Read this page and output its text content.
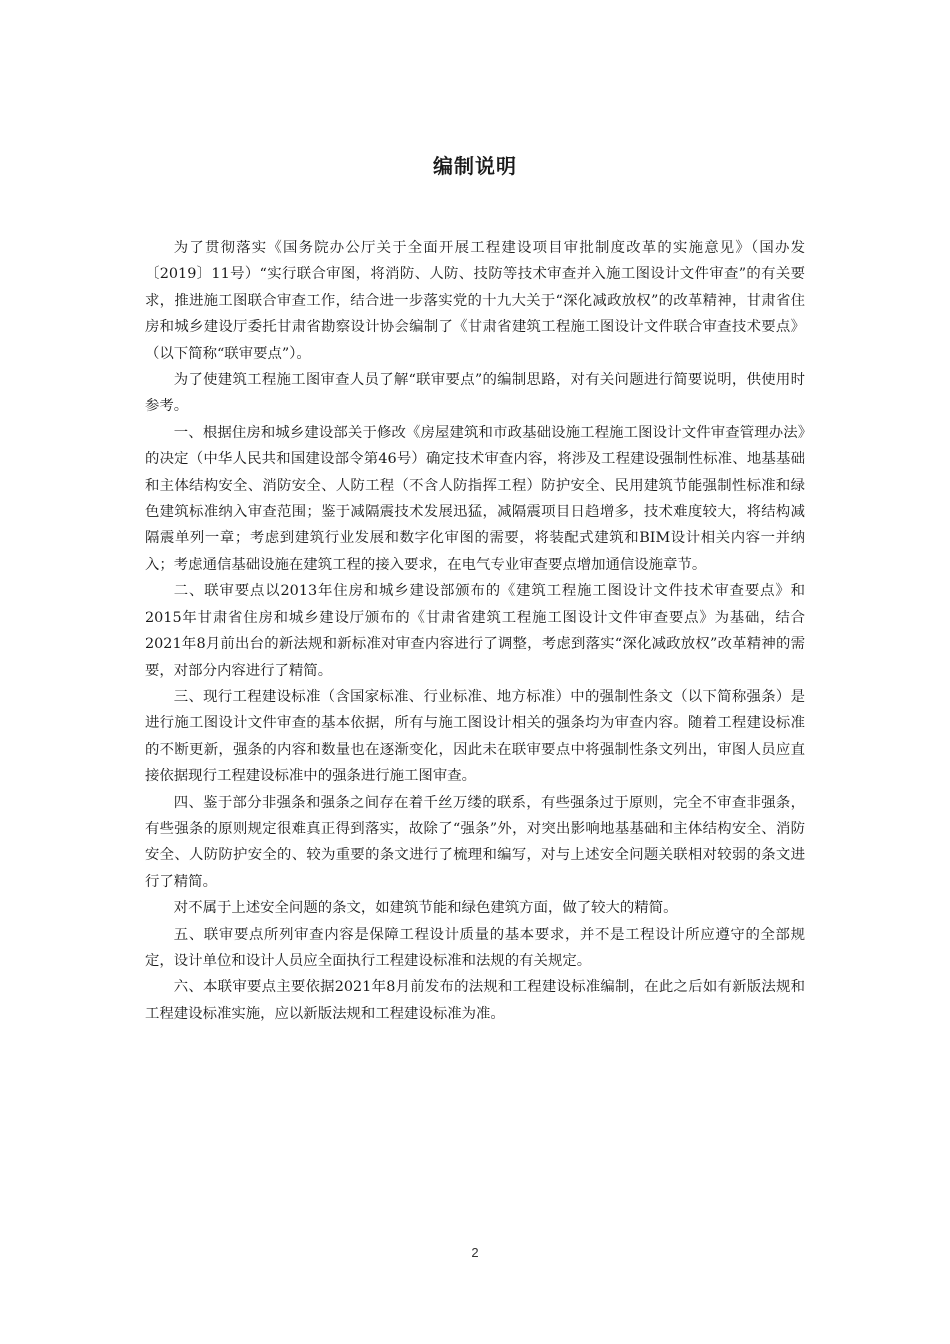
编制说明

为了贯彻落实《国务院办公厅关于全面开展工程建设项目审批制度改革的实施意见》（国办发〔2019〕11号）“实行联合审图，将消防、人防、技防等技术审查并入施工图设计文件审查”的有关要求，推进施工图联合审查工作，结合进一步落实党的十九大关于“深化减政放权”的改革精神，甘肃省住房和城乡建设厅委托甘肃省勘察设计协会编制了《甘肃省建筑工程施工图设计文件联合审查技术要点》（以下简称“联审要点”）。

为了使建筑工程施工图审查人员了解“联审要点”的编制思路，对有关问题进行简要说明，供使用时参考。

一、根据住房和城乡建设部关于修改《房屋建筑和市政基础设施工程施工图设计文件审查管理办法》的决定（中华人民共和国建设部令第46号）确定技术审查内容，将涉及工程建设强制性标准、地基基础和主体结构安全、消防安全、人防工程（不含人防指挥工程）防护安全、民用建筑节能强制性标准和绿色建筑标准纳入审查范围；鉴于减隔震技术发展迅猛，减隔震项目日趋增多，技术难度较大，将结构减隔震单列一章；考虑到建筑行业发展和数字化审图的需要，将装配式建筑和BIM设计相关内容一并纳入；考虑通信基础设施在建筑工程的接入要求，在电气专业审查要点增加通信设施章节。

二、联审要点以2013年住房和城乡建设部颁布的《建筑工程施工图设计文件技术审查要点》和2015年甘肃省住房和城乡建设厅颁布的《甘肃省建筑工程施工图设计文件审查要点》为基础，结合2021年8月前出台的新法规和新标准对审查内容进行了调整，考虑到落实“深化减政放权”改革精神的需要，对部分内容进行了精简。

三、现行工程建设标准（含国家标准、行业标准、地方标准）中的强制性条文（以下简称强条）是进行施工图设计文件审查的基本依据，所有与施工图设计相关的强条均为审查内容。随着工程建设标准的不断更新，强条的内容和数量也在逐渐变化，因此未在联审要点中将强制性条文列出，审图人员应直接依据现行工程建设标准中的强条进行施工图审查。

四、鉴于部分非强条和强条之间存在着千丝万缕的联系，有些强条过于原则，完全不审查非强条，有些强条的原则规定很难真正得到落实，故除了“强条”外，对突出影响地基基础和主体结构安全、消防安全、人防防护安全的、较为重要的条文进行了梳理和编写，对与上述安全问题关联相对较弱的条文进行了精简。

对不属于上述安全问题的条文，如建筑节能和绿色建筑方面，做了较大的精简。

五、联审要点所列审查内容是保障工程设计质量的基本要求，并不是工程设计所应遵守的全部规定，设计单位和设计人员应全面执行工程建设标准和法规的有关规定。

六、本联审要点主要依据2021年8月前发布的法规和工程建设标准编制，在此之后如有新版法规和工程建设标准实施，应以新版法规和工程建设标准为准。

2
